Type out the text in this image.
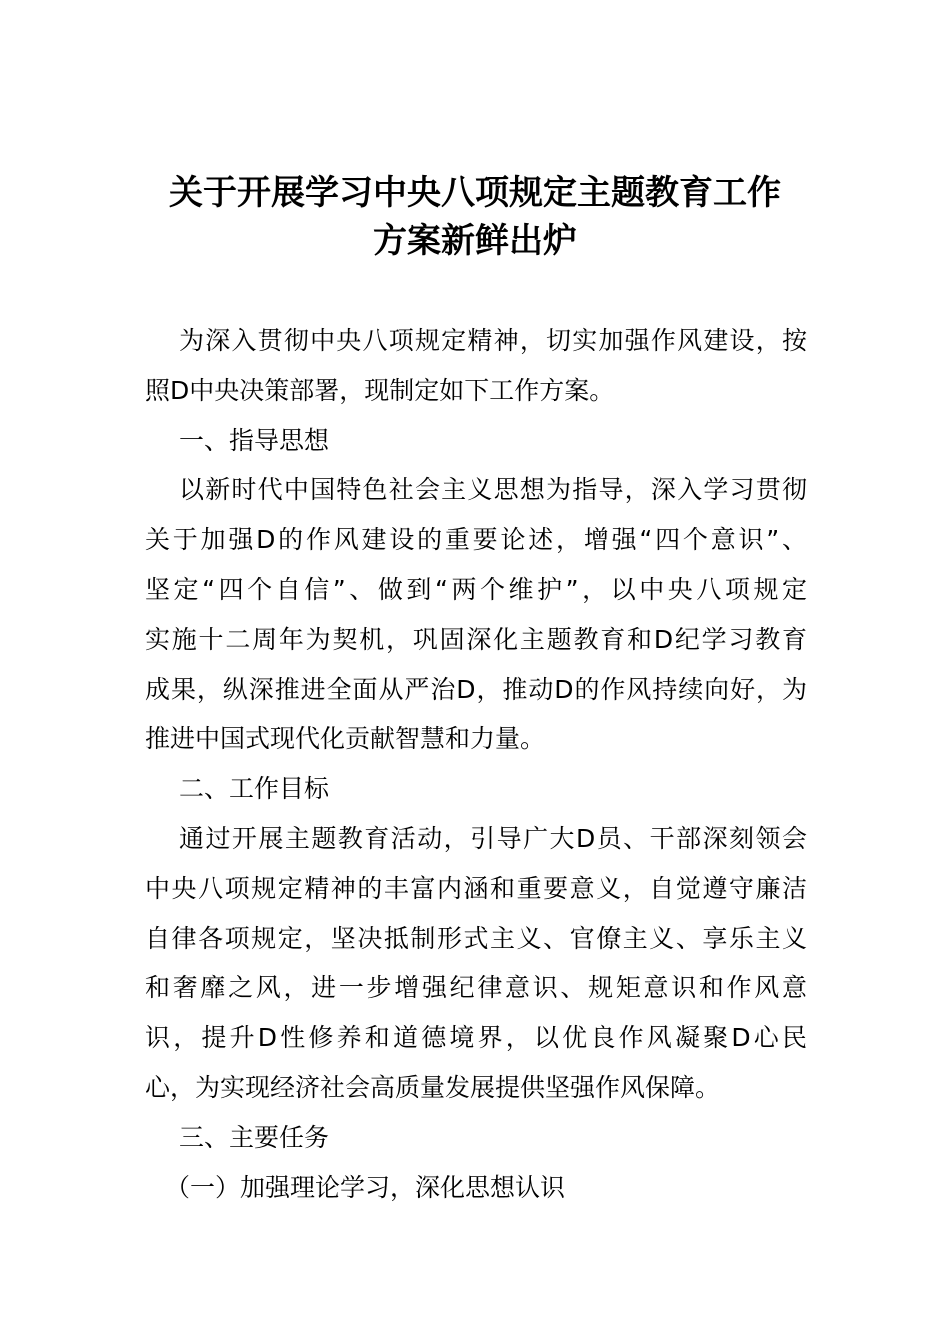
关于开展学习中央八项规定主题教育工作
方案新鲜出炉
为深入贯彻中央八项规定精神，切实加强作风建设，按
照D中央决策部署，现制定如下工作方案。
一、指导思想
以新时代中国特色社会主义思想为指导，深入学习贯彻
关于加强D的作风建设的重要论述，增强“四个意识”、
坚定“四个自信”、做到“两个维护”，以中央八项规定
实施十二周年为契机，巩固深化主题教育和D纪学习教育
成果，纵深推进全面从严治D，推动D的作风持续向好，为
推进中国式现代化贡献智慧和力量。
二、工作目标
通过开展主题教育活动，引导广大D员、干部深刻领会
中央八项规定精神的丰富内涵和重要意义，自觉遵守廉洁
自律各项规定，坚决抵制形式主义、官僚主义、享乐主义
和奢靡之风，进一步增强纪律意识、规矩意识和作风意
识，提升D性修养和道德境界，以优良作风凝聚D心民
心，为实现经济社会高质量发展提供坚强作风保障。
三、主要任务
（一）加强理论学习，深化思想认识
